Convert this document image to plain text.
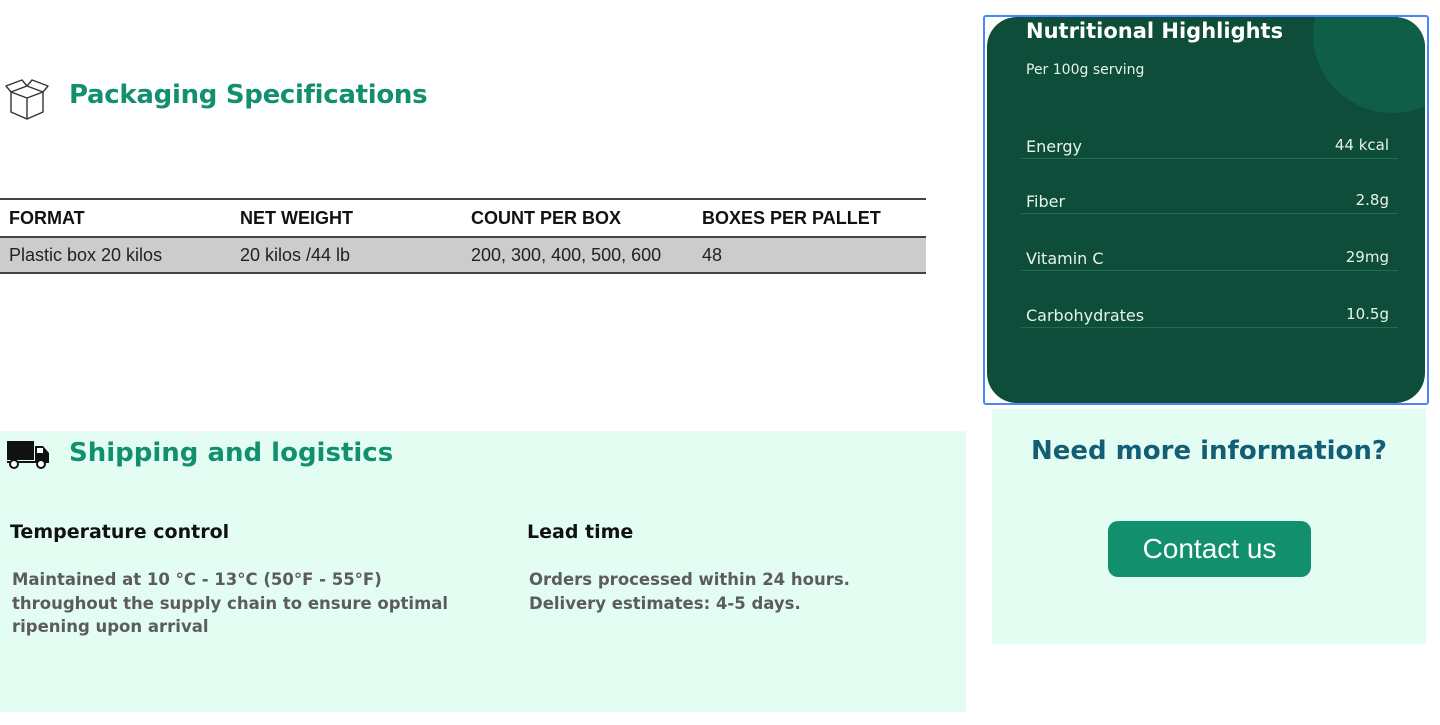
Packaging Specifications
FORMAT	NET WEIGHT	COUNT PER BOX	BOXES PER PALLET
Plastic box 20 kilos	20 kilos /44 lb	200, 300, 400, 500, 600	48
Nutritional Highlights
Per 100g serving
Energy	44 kcal
Fiber	2.8g
Vitamin C	29mg
Carbohydrates	10.5g
Shipping and logistics
Temperature control
Maintained at 10 °C - 13°C (50°F - 55°F) throughout the supply chain to ensure optimal ripening upon arrival
Lead time
Orders processed within 24 hours. Delivery estimates: 4-5 days.
Need more information?
Contact us
